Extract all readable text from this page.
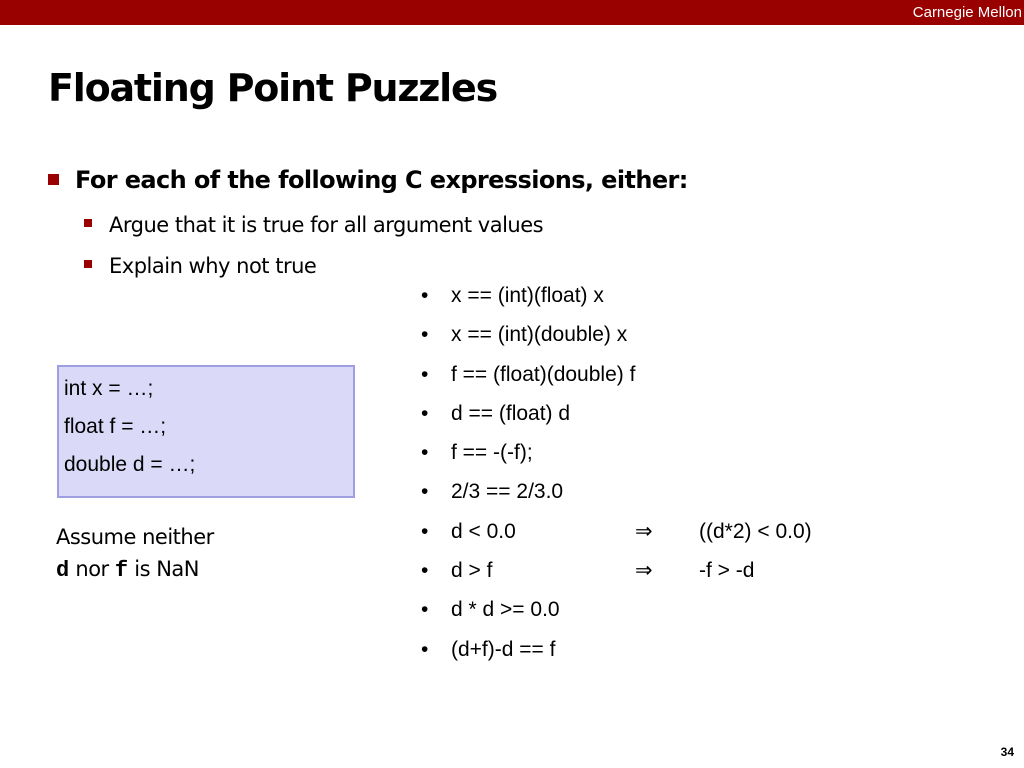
Carnegie Mellon
Floating Point Puzzles
For each of the following C expressions, either:
Argue that it is true for all argument values
Explain why not true
int x = …;
float f = …;
double d = …;
Assume neither
d nor f is NaN
• x == (int)(float) x
• x == (int)(double) x
• f == (float)(double) f
• d == (float) d
• f == -(-f);
• 2/3 == 2/3.0
• d < 0.0	⇒ ((d*2) < 0.0)
• d > f	⇒ -f > -d
• d * d >= 0.0
• (d+f)-d == f
34
